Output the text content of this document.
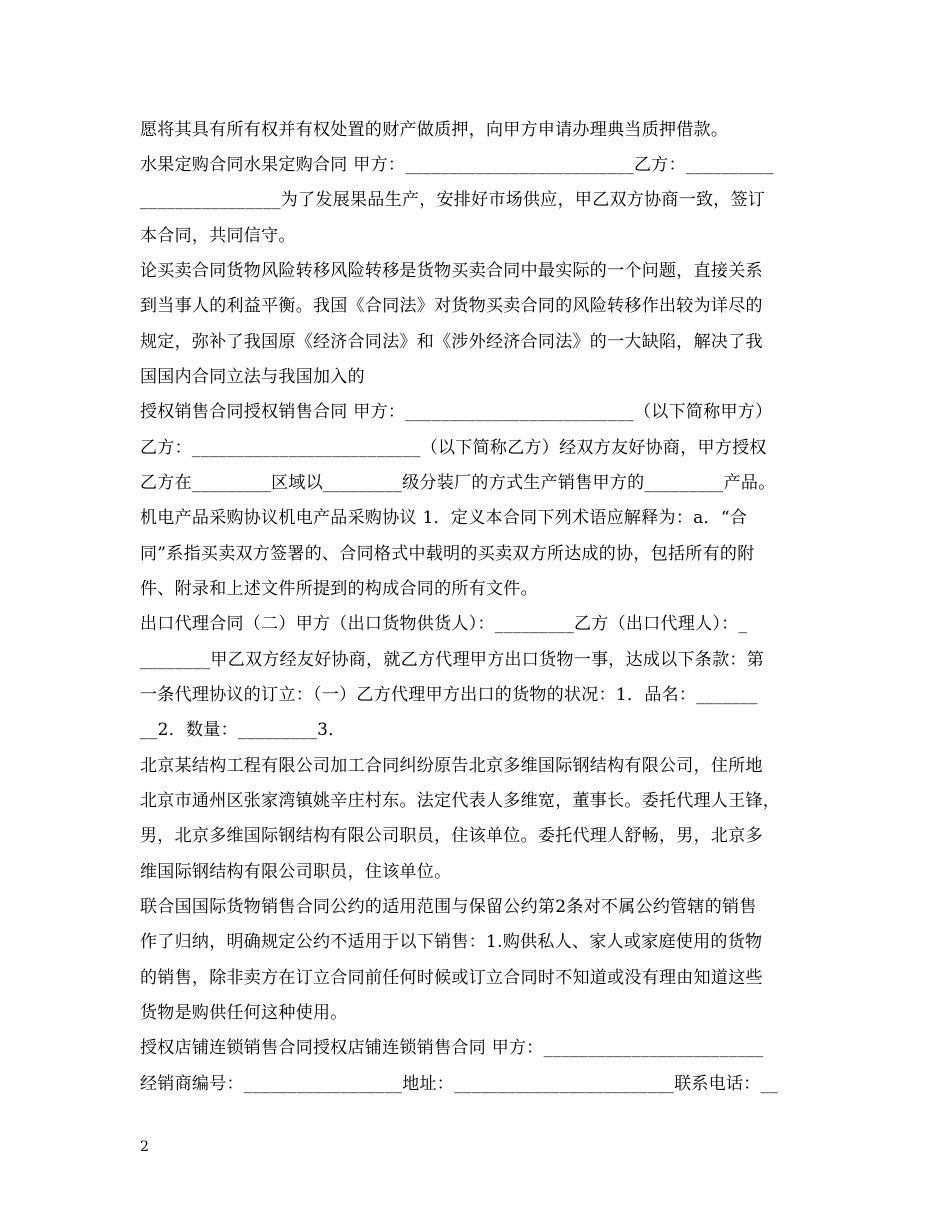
愿将其具有所有权并有权处置的财产做质押，向甲方申请办理典当质押借款。
水果定购合同水果定购合同 甲方：__________________________乙方：__________
________________为了发展果品生产，安排好市场供应，甲乙双方协商一致，签订
本合同，共同信守。
论买卖合同货物风险转移风险转移是货物买卖合同中最实际的一个问题，直接关系
到当事人的利益平衡。我国《合同法》对货物买卖合同的风险转移作出较为详尽的
规定，弥补了我国原《经济合同法》和《涉外经济合同法》的一大缺陷，解决了我
国国内合同立法与我国加入的
授权销售合同授权销售合同 甲方：__________________________（以下简称甲方）
乙方：__________________________（以下简称乙方）经双方友好协商，甲方授权
乙方在_________区域以_________级分装厂的方式生产销售甲方的_________产品。
机电产品采购协议机电产品采购协议 1．定义本合同下列术语应解释为：a．“合
同”系指买卖双方签署的、合同格式中载明的买卖双方所达成的协，包括所有的附
件、附录和上述文件所提到的构成合同的所有文件。
出口代理合同（二）甲方（出口货物供货人）：_________乙方（出口代理人）：_
________甲乙双方经友好协商，就乙方代理甲方出口货物一事，达成以下条款：第
一条代理协议的订立：（一）乙方代理甲方出口的货物的状况：1．品名：_______
__2．数量：_________3．
北京某结构工程有限公司加工合同纠纷原告北京多维国际钢结构有限公司，住所地
北京市通州区张家湾镇姚辛庄村东。法定代表人多维宽，董事长。委托代理人王锋，
男，北京多维国际钢结构有限公司职员，住该单位。委托代理人舒畅，男，北京多
维国际钢结构有限公司职员，住该单位。
联合国国际货物销售合同公约的适用范围与保留公约第2条对不属公约管辖的销售
作了归纳，明确规定公约不适用于以下销售：1.购供私人、家人或家庭使用的货物
的销售，除非卖方在订立合同前任何时候或订立合同时不知道或没有理由知道这些
货物是购供任何这种使用。
授权店铺连锁销售合同授权店铺连锁销售合同 甲方：_________________________
经销商编号：__________________地址：_________________________联系电话：__
2
